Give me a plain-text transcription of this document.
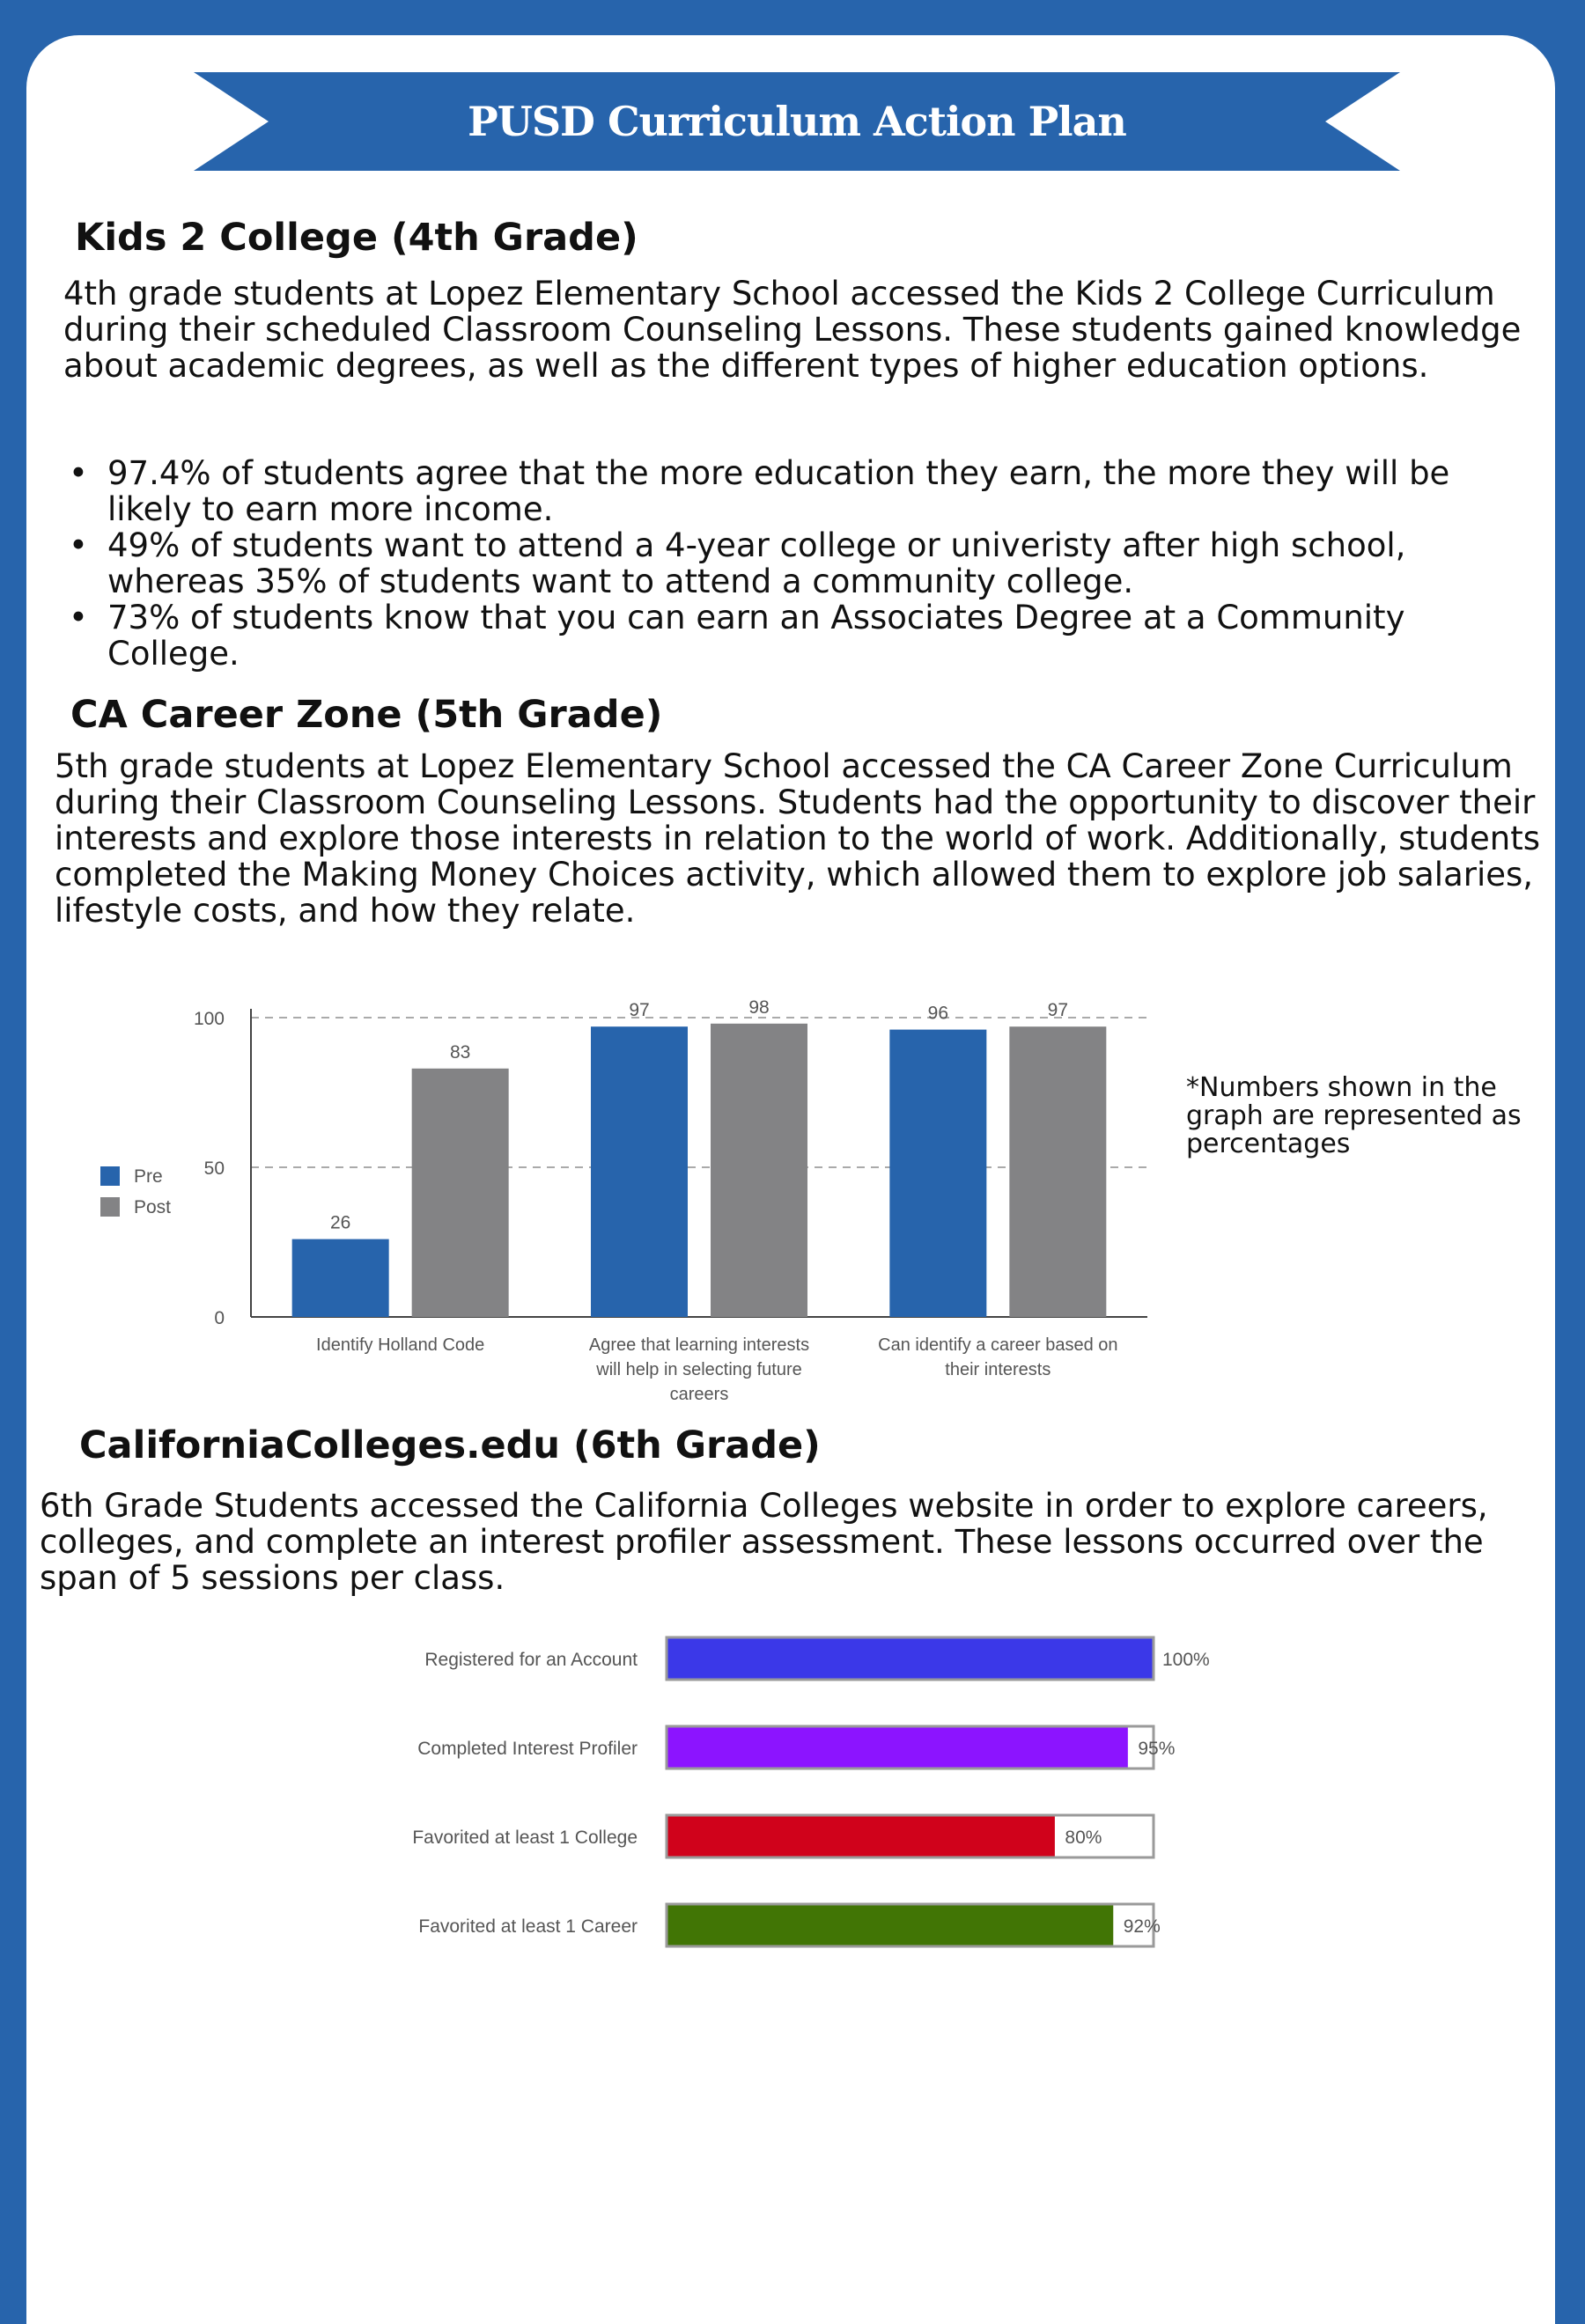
PUSD Curriculum Action Plan
Kids 2 College (4th Grade)

4th grade students at Lopez Elementary School accessed the Kids 2 College Curriculum during their scheduled Classroom Counseling Lessons. These students gained knowledge about academic degrees, as well as the different types of higher education options.

• 97.4% of students agree that the more education they earn, the more they will be likely to earn more income.
• 49% of students want to attend a 4-year college or univeristy after high school, whereas 35% of students want to attend a community college.
• 73% of students know that you can earn an Associates Degree at a Community College.
CA Career Zone (5th Grade)

5th grade students at Lopez Elementary School accessed the CA Career Zone Curriculum during their Classroom Counseling Lessons. Students had the opportunity to discover their interests and explore those interests in relation to the world of work. Additionally, students completed the Making Money Choices activity, which allowed them to explore job salaries, lifestyle costs, and how they relate.

0
50
100
26
83
Identify Holland Code
97	98
Agree that learning interests
will help in selecting future
careers
96	97
Can identify a career based on
their interests
Pre
Post
*Numbers shown in the graph are represented as percentages
CaliforniaColleges.edu (6th Grade)

6th Grade Students accessed the California Colleges website in order to explore careers, colleges, and complete an interest profiler assessment. These lessons occurred over the span of 5 sessions per class.

Registered for an Account	100%
Completed Interest Profiler	95%
Favorited at least 1 College	80%
Favorited at least 1 Career	92%
